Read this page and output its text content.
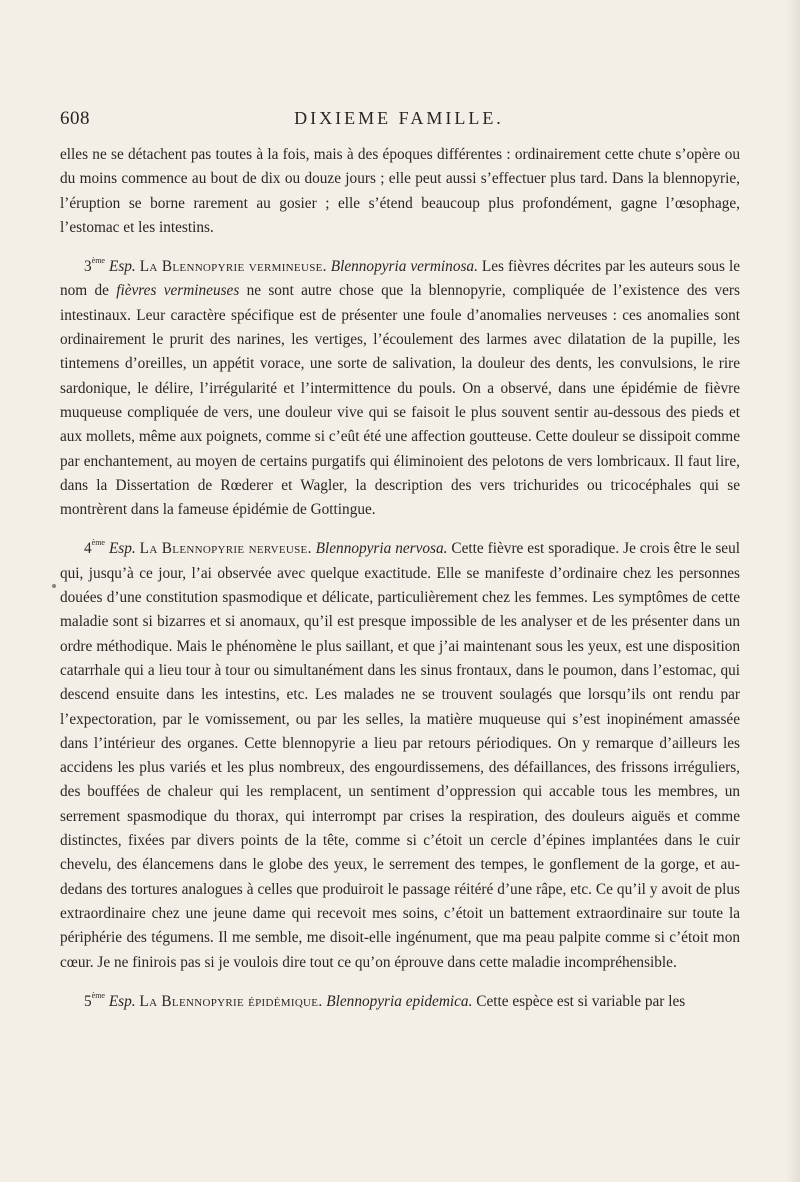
608	DIXIEME FAMILLE.

elles ne se détachent pas toutes à la fois, mais à des époques différentes : ordinairement cette chute s’opère ou du moins commence au bout de dix ou douze jours ; elle peut aussi s’effectuer plus tard. Dans la blennopyrie, l’éruption se borne rarement au gosier ; elle s’étend beaucoup plus profondément, gagne l’œsophage, l’estomac et les intestins.

3ème Esp. La Blennopyrie vermineuse. Blennopyria verminosa. Les fièvres décrites par les auteurs sous le nom de fièvres vermineuses ne sont autre chose que la blennopyrie, compliquée de l’existence des vers intestinaux. Leur caractère spécifique est de présenter une foule d’anomalies nerveuses : ces anomalies sont ordinairement le prurit des narines, les vertiges, l’écoulement des larmes avec dilatation de la pupille, les tintemens d’oreilles, un appétit vorace, une sorte de salivation, la douleur des dents, les convulsions, le rire sardonique, le délire, l’irrégularité et l’intermittence du pouls. On a observé, dans une épidémie de fièvre muqueuse compliquée de vers, une douleur vive qui se faisoit le plus souvent sentir au-dessous des pieds et aux mollets, même aux poignets, comme si c’eût été une affection goutteuse. Cette douleur se dissipoit comme par enchantement, au moyen de certains purgatifs qui éliminoient des pelotons de vers lombricaux. Il faut lire, dans la Dissertation de Rœderer et Wagler, la description des vers trichurides ou tricocéphales qui se montrèrent dans la fameuse épidémie de Gottingue.

4ème Esp. La Blennopyrie nerveuse. Blennopyria nervosa. Cette fièvre est sporadique. Je crois être le seul qui, jusqu’à ce jour, l’ai observée avec quelque exactitude. Elle se manifeste d’ordinaire chez les personnes douées d’une constitution spasmodique et délicate, particulièrement chez les femmes. Les symptômes de cette maladie sont si bizarres et si anomaux, qu’il est presque impossible de les analyser et de les présenter dans un ordre méthodique. Mais le phénomène le plus saillant, et que j’ai maintenant sous les yeux, est une disposition catarrhale qui a lieu tour à tour ou simultanément dans les sinus frontaux, dans le poumon, dans l’estomac, qui descend ensuite dans les intestins, etc. Les malades ne se trouvent soulagés que lorsqu’ils ont rendu par l’expectoration, par le vomissement, ou par les selles, la matière muqueuse qui s’est inopinément amassée dans l’intérieur des organes. Cette blennopyrie a lieu par retours périodiques. On y remarque d’ailleurs les accidens les plus variés et les plus nombreux, des engourdissemens, des défaillances, des frissons irréguliers, des bouffées de chaleur qui les remplacent, un sentiment d’oppression qui accable tous les membres, un serrement spasmodique du thorax, qui interrompt par crises la respiration, des douleurs aiguës et comme distinctes, fixées par divers points de la tête, comme si c’étoit un cercle d’épines implantées dans le cuir chevelu, des élancemens dans le globe des yeux, le serrement des tempes, le gonflement de la gorge, et au-dedans des tortures analogues à celles que produiroit le passage réitéré d’une râpe, etc. Ce qu’il y avoit de plus extraordinaire chez une jeune dame qui recevoit mes soins, c’étoit un battement extraordinaire sur toute la périphérie des tégumens. Il me semble, me disoit-elle ingénument, que ma peau palpite comme si c’étoit mon cœur. Je ne finirois pas si je voulois dire tout ce qu’on éprouve dans cette maladie incompréhensible.

5ème Esp. La Blennopyrie épidémique. Blennopyria epidemica. Cette espèce est si variable par les
